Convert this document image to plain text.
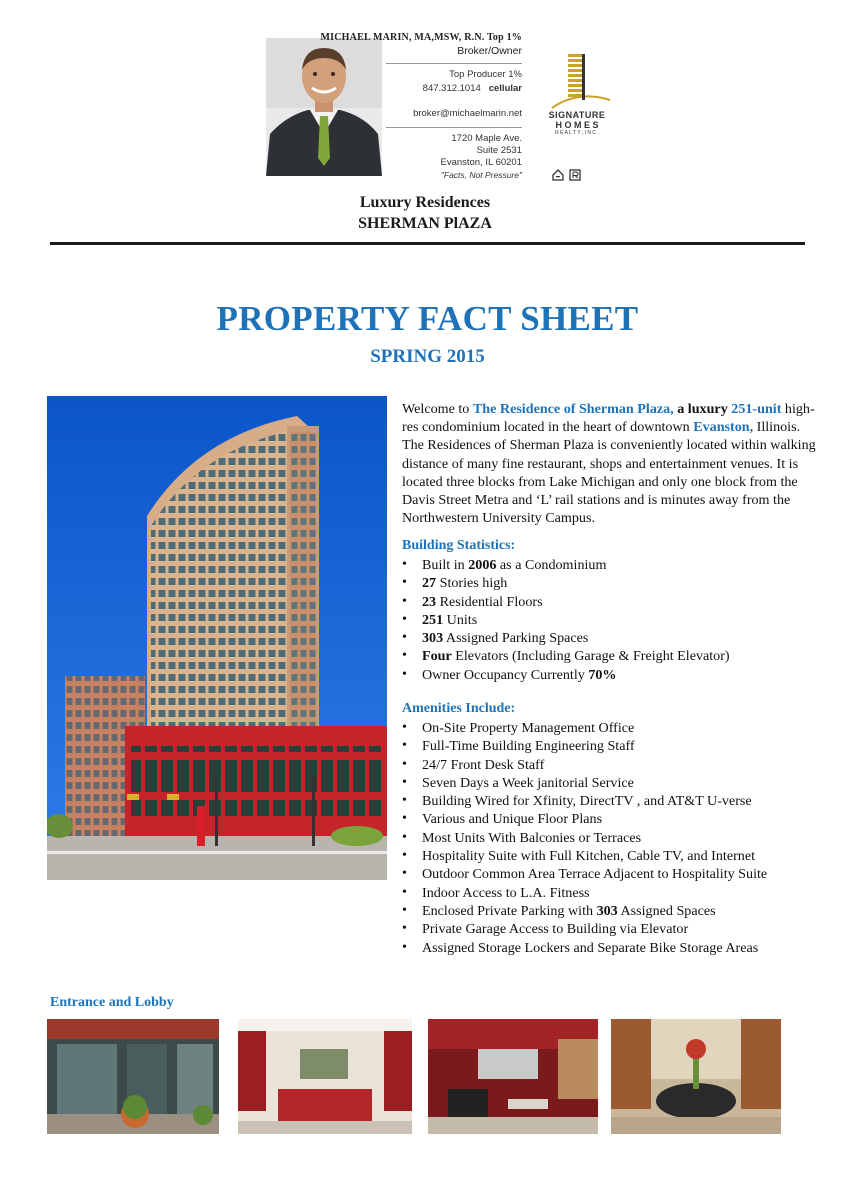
MICHAEL MARIN, MA,MSW, R.N. Top 1%
Broker/Owner
Top Producer 1%
847.312.1014 cellular
broker@michaelmarin.net
1720 Maple Ave.
Suite 2531
Evanston, IL 60201
"Facts, Not Pressure"
SIGNATURE
H O M E S
R E A L T Y , I N C .
Luxury Residences
SHERMAN PlAZA
PROPERTY FACT SHEET
SPRING 2015
Welcome to The Residence of Sherman Plaza, a luxury 251-unit high-res condominium located in the heart of downtown Evanston, Illinois. The Residences of Sherman Plaza is conveniently located within walking distance of many fine restaurant, shops and entertainment venues. It is located three blocks from Lake Michigan and only one block from the Davis Street Metra and ‘L’ rail stations and is minutes away from the Northwestern University Campus.
Building Statistics:
• Built in 2006 as a Condominium
• 27 Stories high
• 23 Residential Floors
• 251 Units
• 303 Assigned Parking Spaces
• Four Elevators (Including Garage & Freight Elevator)
• Owner Occupancy Currently 70%
Amenities Include:
• On-Site Property Management Office
• Full-Time Building Engineering Staff
• 24/7 Front Desk Staff
• Seven Days a Week janitorial Service
• Building Wired for Xfinity, DirectTV , and AT&T U-verse
• Various and Unique Floor Plans
• Most Units With Balconies or Terraces
• Hospitality Suite with Full Kitchen, Cable TV, and Internet
• Outdoor Common Area Terrace Adjacent to Hospitality Suite
• Indoor Access to L.A. Fitness
• Enclosed Private Parking with 303 Assigned Spaces
• Private Garage Access to Building via Elevator
• Assigned Storage Lockers and Separate Bike Storage Areas
Entrance and Lobby
